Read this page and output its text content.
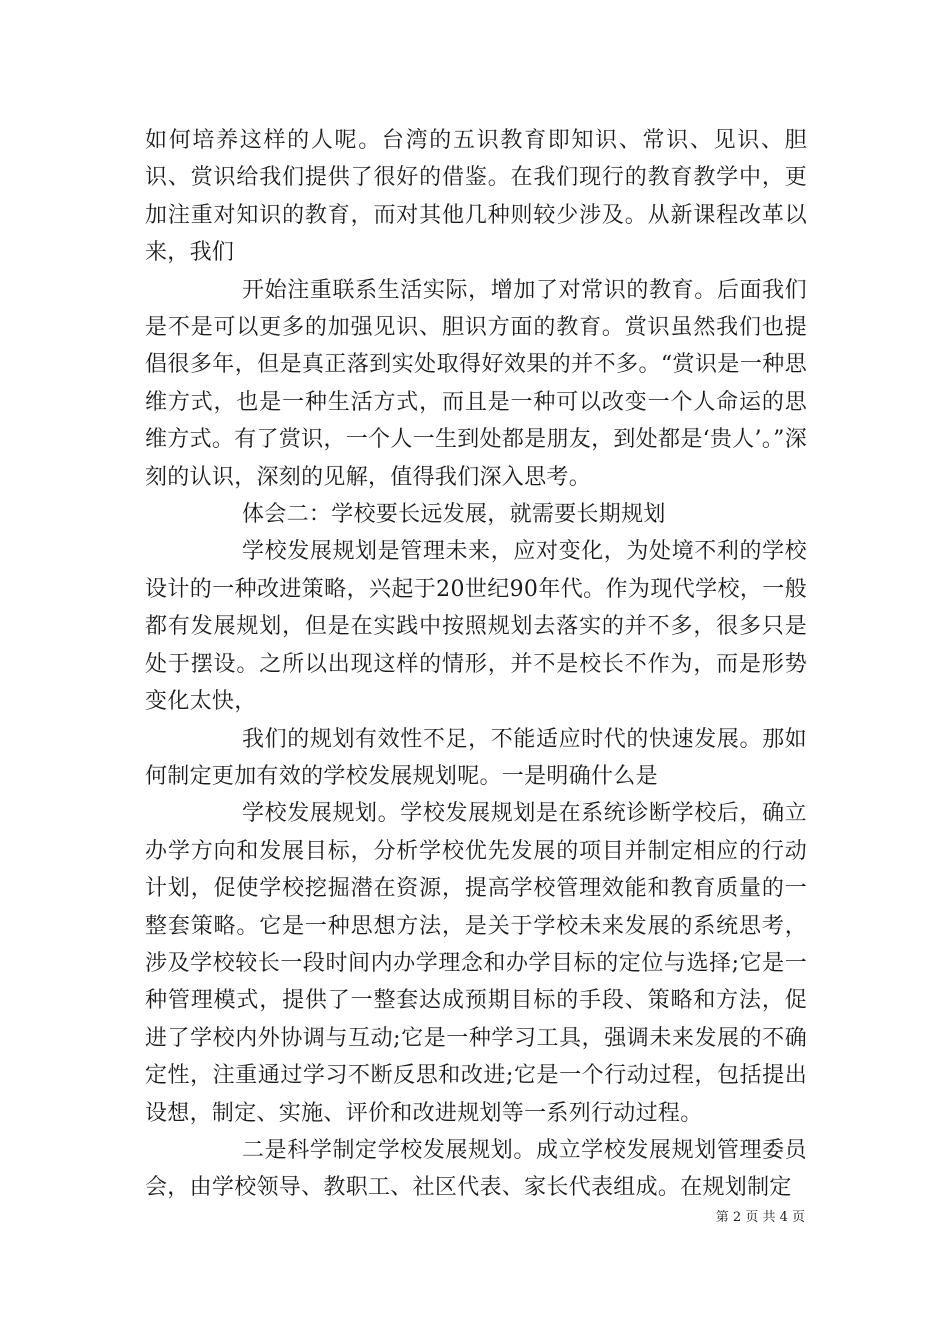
如何培养这样的人呢。台湾的五识教育即知识、常识、见识、胆识、赏识给我们提供了很好的借鉴。在我们现行的教育教学中，更加注重对知识的教育，而对其他几种则较少涉及。从新课程改革以来，我们

开始注重联系生活实际，增加了对常识的教育。后面我们是不是可以更多的加强见识、胆识方面的教育。赏识虽然我们也提倡很多年，但是真正落到实处取得好效果的并不多。“赏识是一种思维方式，也是一种生活方式，而且是一种可以改变一个人命运的思维方式。有了赏识，一个人一生到处都是朋友，到处都是‘贵人’。”深刻的认识，深刻的见解，值得我们深入思考。

体会二：学校要长远发展，就需要长期规划

学校发展规划是管理未来，应对变化，为处境不利的学校设计的一种改进策略，兴起于20世纪90年代。作为现代学校，一般都有发展规划，但是在实践中按照规划去落实的并不多，很多只是处于摆设。之所以出现这样的情形，并不是校长不作为，而是形势变化太快，

我们的规划有效性不足，不能适应时代的快速发展。那如何制定更加有效的学校发展规划呢。一是明确什么是

学校发展规划。学校发展规划是在系统诊断学校后，确立办学方向和发展目标，分析学校优先发展的项目并制定相应的行动计划，促使学校挖掘潜在资源，提高学校管理效能和教育质量的一整套策略。它是一种思想方法，是关于学校未来发展的系统思考，涉及学校较长一段时间内办学理念和办学目标的定位与选择;它是一种管理模式，提供了一整套达成预期目标的手段、策略和方法，促进了学校内外协调与互动;它是一种学习工具，强调未来发展的不确定性，注重通过学习不断反思和改进;它是一个行动过程，包括提出设想，制定、实施、评价和改进规划等一系列行动过程。

二是科学制定学校发展规划。成立学校发展规划管理委员会，由学校领导、教职工、社区代表、家长代表组成。在规划制定

第 2 页 共 4 页
